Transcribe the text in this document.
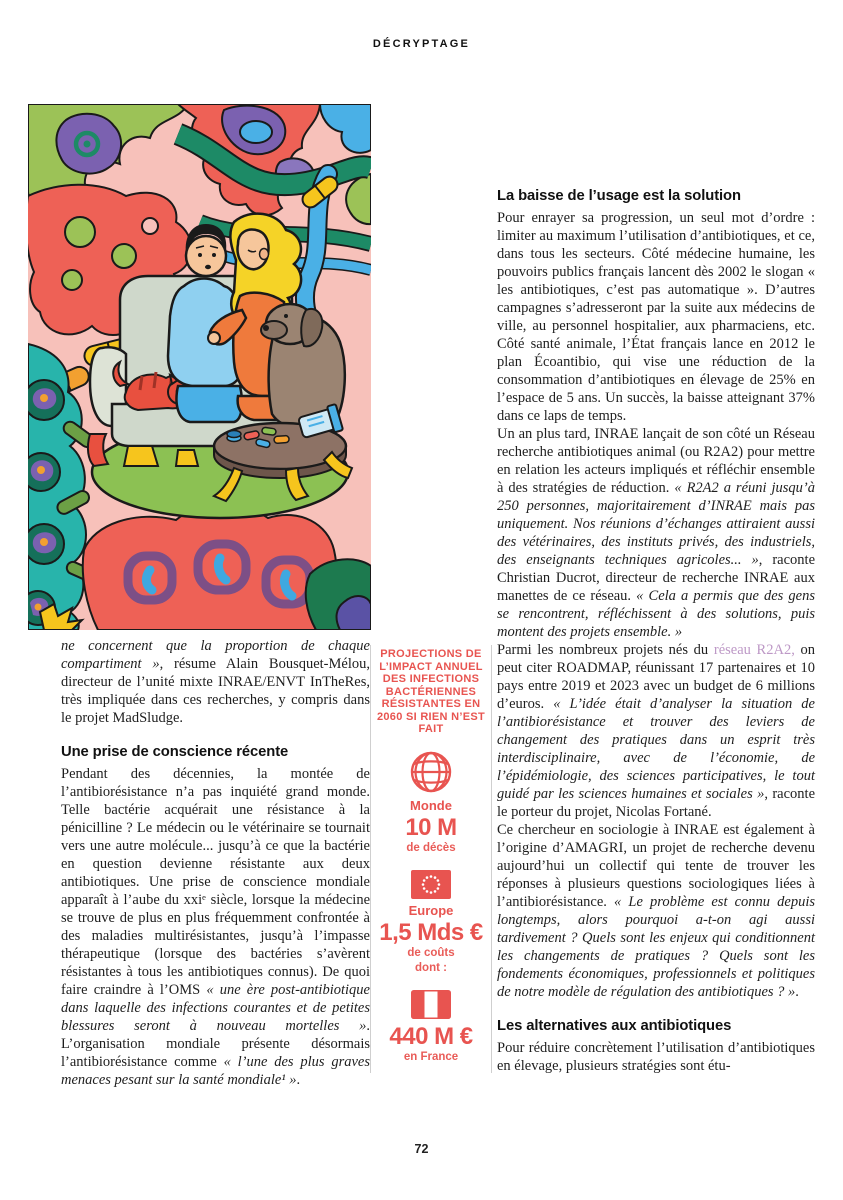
DÉCRYPTAGE

ne concernent que la proportion de chaque compartiment », résume Alain Bousquet-Mélou, directeur de l’unité mixte INRAE/ENVT InTheRes, très impliquée dans ces recherches, y compris dans le projet MadSludge.

Une prise de conscience récente

Pendant des décennies, la montée de l’antibiorésistance n’a pas inquiété grand monde. Telle bactérie acquérait une résistance à la pénicilline ? Le médecin ou le vétérinaire se tournait vers une autre molécule... jusqu’à ce que la bactérie en question devienne résistante aux deux antibiotiques. Une prise de conscience mondiale apparaît à l’aube du xxiᵉ siècle, lorsque la médecine se trouve de plus en plus fréquemment confrontée à des maladies multirésistantes, jusqu’à l’impasse thérapeutique (lorsque des bactéries s’avèrent résistantes à tous les antibiotiques connus). De quoi faire craindre à l’OMS « une ère post-antibiotique dans laquelle des infections courantes et de petites blessures seront à nouveau mortelles ». L’organisation mondiale présente désormais l’antibiorésistance comme « l’une des plus graves menaces pesant sur la santé mondiale¹ ».

PROJECTIONS DE L’IMPACT ANNUEL DES INFECTIONS BACTÉRIENNES RÉSISTANTES EN 2060 SI RIEN N’EST FAIT
Monde
10 M
de décès
Europe
1,5 Mds €
de coûts
dont :
440 M €
en France
La baisse de l’usage est la solution

Pour enrayer sa progression, un seul mot d’ordre : limiter au maximum l’utilisation d’antibiotiques, et ce, dans tous les secteurs. Côté médecine humaine, les pouvoirs publics français lancent dès 2002 le slogan « les antibiotiques, c’est pas automatique ». D’autres campagnes s’adresseront par la suite aux médecins de ville, au personnel hospitalier, aux pharmaciens, etc. Côté santé animale, l’État français lance en 2012 le plan Écoantibio, qui vise une réduction de la consommation d’antibiotiques en élevage de 25% en l’espace de 5 ans. Un succès, la baisse atteignant 37% dans ce laps de temps.

Un an plus tard, INRAE lançait de son côté un Réseau recherche antibiotiques animal (ou R2A2) pour mettre en relation les acteurs impliqués et réfléchir ensemble à des stratégies de réduction. « R2A2 a réuni jusqu’à 250 personnes, majoritairement d’INRAE mais pas uniquement. Nos réunions d’échanges attiraient aussi des vétérinaires, des instituts privés, des industriels, des enseignants techniques agricoles... », raconte Christian Ducrot, directeur de recherche INRAE aux manettes de ce réseau. « Cela a permis que des gens se rencontrent, réfléchissent à des solutions, puis montent des projets ensemble. »

Parmi les nombreux projets nés du réseau R2A2, on peut citer ROADMAP, réunissant 17 partenaires et 10 pays entre 2019 et 2023 avec un budget de 6 millions d’euros. « L’idée était d’analyser la situation de l’antibiorésistance et trouver des leviers de changement des pratiques dans un esprit très interdisciplinaire, avec de l’économie, de l’épidémiologie, des sciences participatives, le tout guidé par les sciences humaines et sociales », raconte le porteur du projet, Nicolas Fortané.

Ce chercheur en sociologie à INRAE est également à l’origine d’AMAGRI, un projet de recherche devenu aujourd’hui un collectif qui tente de trouver les réponses à plusieurs questions sociologiques liées à l’antibiorésistance. « Le problème est connu depuis longtemps, alors pourquoi a-t-on agi aussi tardivement ? Quels sont les enjeux qui conditionnent les changements de pratiques ? Quels sont les fondements économiques, professionnels et politiques de notre modèle de régulation des antibiotiques ? ».

Les alternatives aux antibiotiques

Pour réduire concrètement l’utilisation d’antibiotiques en élevage, plusieurs stratégies sont étu-

72
